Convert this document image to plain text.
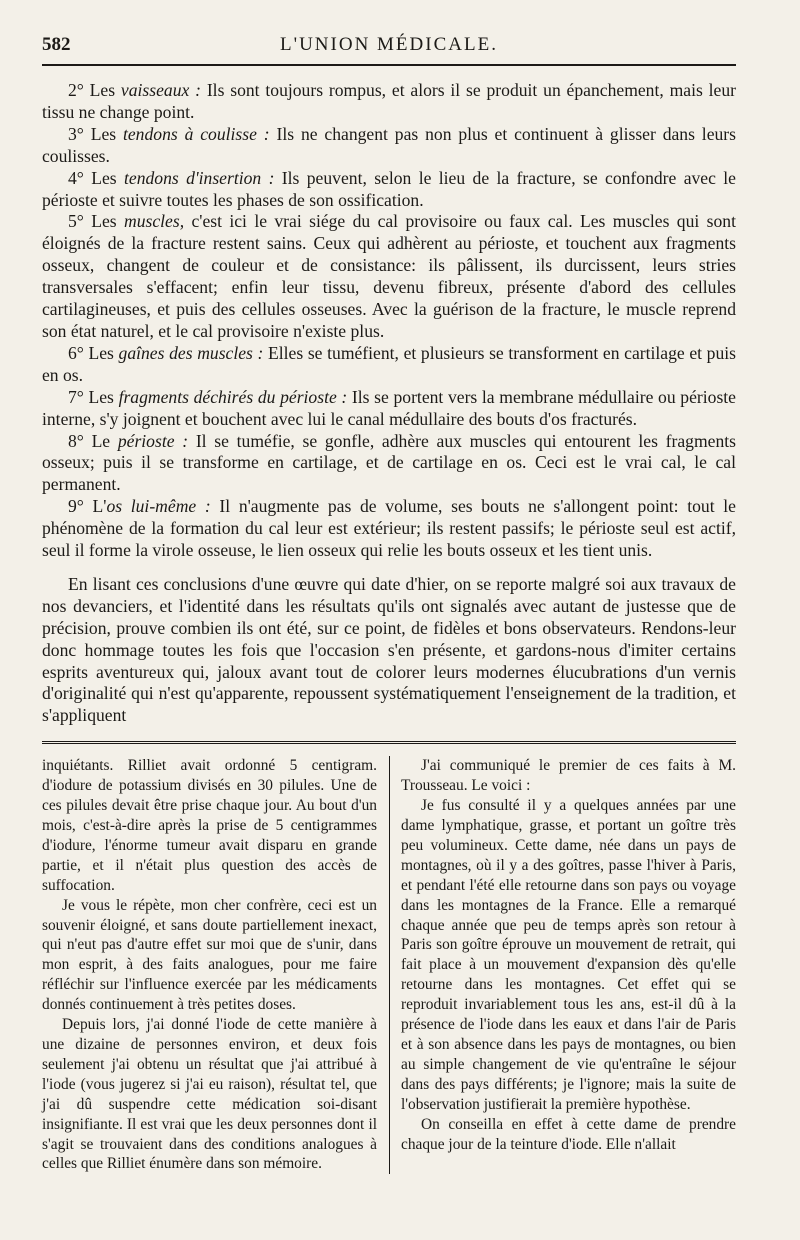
582	L'UNION MÉDICALE.

2° Les vaisseaux : Ils sont toujours rompus, et alors il se produit un épanchement, mais leur tissu ne change point.

3° Les tendons à coulisse : Ils ne changent pas non plus et continuent à glisser dans leurs coulisses.

4° Les tendons d'insertion : Ils peuvent, selon le lieu de la fracture, se confondre avec le périoste et suivre toutes les phases de son ossification.

5° Les muscles, c'est ici le vrai siége du cal provisoire ou faux cal. Les muscles qui sont éloignés de la fracture restent sains. Ceux qui adhèrent au périoste, et touchent aux fragments osseux, changent de couleur et de consistance: ils pâlissent, ils durcissent, leurs stries transversales s'effacent; enfin leur tissu, devenu fibreux, présente d'abord des cellules cartilagineuses, et puis des cellules osseuses. Avec la guérison de la fracture, le muscle reprend son état naturel, et le cal provisoire n'existe plus.

6° Les gaînes des muscles : Elles se tuméfient, et plusieurs se transforment en cartilage et puis en os.

7° Les fragments déchirés du périoste : Ils se portent vers la membrane médullaire ou périoste interne, s'y joignent et bouchent avec lui le canal médullaire des bouts d'os fracturés.

8° Le périoste : Il se tuméfie, se gonfle, adhère aux muscles qui entourent les fragments osseux; puis il se transforme en cartilage, et de cartilage en os. Ceci est le vrai cal, le cal permanent.

9° L'os lui-même : Il n'augmente pas de volume, ses bouts ne s'allongent point: tout le phénomène de la formation du cal leur est extérieur; ils restent passifs; le périoste seul est actif, seul il forme la virole osseuse, le lien osseux qui relie les bouts osseux et les tient unis.

En lisant ces conclusions d'une œuvre qui date d'hier, on se reporte malgré soi aux travaux de nos devanciers, et l'identité dans les résultats qu'ils ont signalés avec autant de justesse que de précision, prouve combien ils ont été, sur ce point, de fidèles et bons observateurs. Rendons-leur donc hommage toutes les fois que l'occasion s'en présente, et gardons-nous d'imiter certains esprits aventureux qui, jaloux avant tout de colorer leurs modernes élucubrations d'un vernis d'originalité qui n'est qu'apparente, repoussent systématiquement l'enseignement de la tradition, et s'appliquent

inquiétants. Rilliet avait ordonné 5 centigram. d'iodure de potassium divisés en 30 pilules. Une de ces pilules devait être prise chaque jour. Au bout d'un mois, c'est-à-dire après la prise de 5 centigrammes d'iodure, l'énorme tumeur avait disparu en grande partie, et il n'était plus question des accès de suffocation.

Je vous le répète, mon cher confrère, ceci est un souvenir éloigné, et sans doute partiellement inexact, qui n'eut pas d'autre effet sur moi que de s'unir, dans mon esprit, à des faits analogues, pour me faire réfléchir sur l'influence exercée par les médicaments donnés continuement à très petites doses.

Depuis lors, j'ai donné l'iode de cette manière à une dizaine de personnes environ, et deux fois seulement j'ai obtenu un résultat que j'ai attribué à l'iode (vous jugerez si j'ai eu raison), résultat tel, que j'ai dû suspendre cette médication soi-disant insignifiante. Il est vrai que les deux personnes dont il s'agit se trouvaient dans des conditions analogues à celles que Rilliet énumère dans son mémoire.

J'ai communiqué le premier de ces faits à M. Trousseau. Le voici :

Je fus consulté il y a quelques années par une dame lymphatique, grasse, et portant un goître très peu volumineux. Cette dame, née dans un pays de montagnes, où il y a des goîtres, passe l'hiver à Paris, et pendant l'été elle retourne dans son pays ou voyage dans les montagnes de la France. Elle a remarqué chaque année que peu de temps après son retour à Paris son goître éprouve un mouvement de retrait, qui fait place à un mouvement d'expansion dès qu'elle retourne dans les montagnes. Cet effet qui se reproduit invariablement tous les ans, est-il dû à la présence de l'iode dans les eaux et dans l'air de Paris et à son absence dans les pays de montagnes, ou bien au simple changement de vie qu'entraîne le séjour dans des pays différents; je l'ignore; mais la suite de l'observation justifierait la première hypothèse.

On conseilla en effet à cette dame de prendre chaque jour de la teinture d'iode. Elle n'allait
